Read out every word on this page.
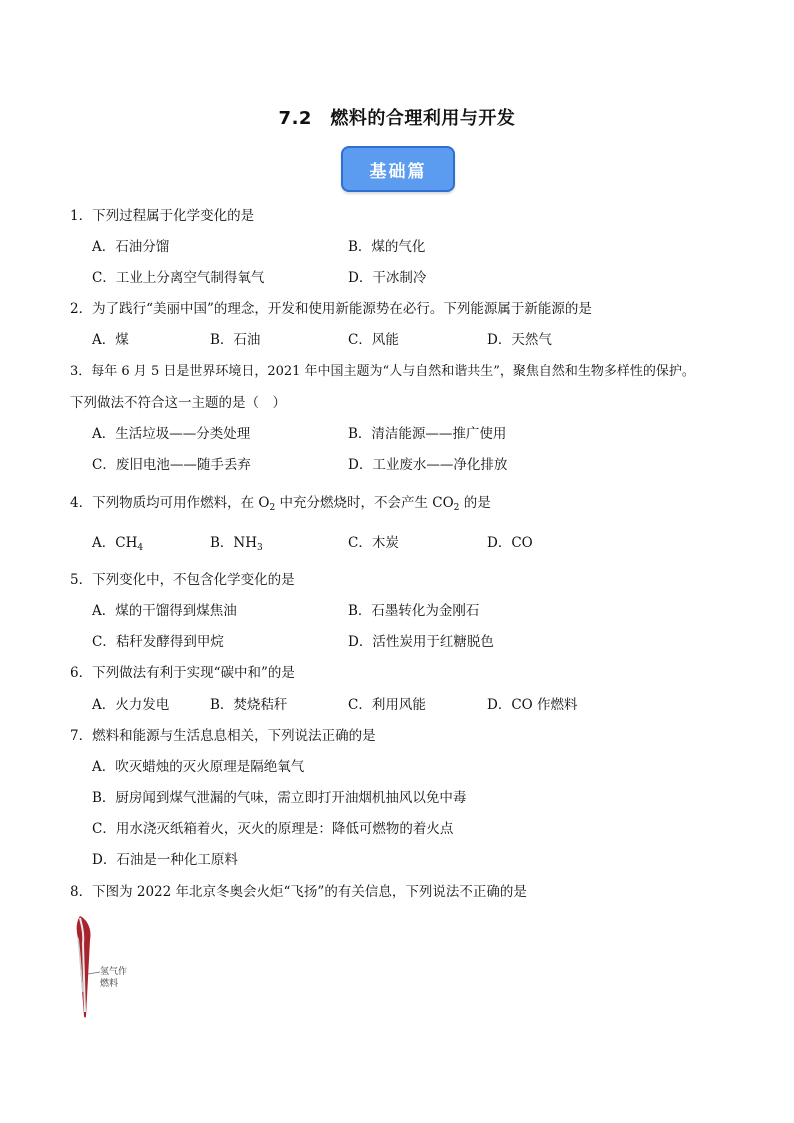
7.2　燃料的合理利用与开发
基础篇
1．下列过程属于化学变化的是
A．石油分馏	B．煤的气化
C．工业上分离空气制得氧气	D．干冰制冷
2．为了践行“美丽中国”的理念，开发和使用新能源势在必行。下列能源属于新能源的是
A．煤	B．石油	C．风能	D．天然气
3．每年 6 月 5 日是世界环境日，2021 年中国主题为“人与自然和谐共生”，聚焦自然和生物多样性的保护。
下列做法不符合这一主题的是（　）
A．生活垃圾——分类处理	B．清洁能源——推广使用
C．废旧电池——随手丢弃	D．工业废水——净化排放
4．下列物质均可用作燃料，在 $O_2$ 中充分燃烧时，不会产生 $CO_2$ 的是
A．$CH_4$	B．$NH_3$	C．木炭	D．CO
5．下列变化中，不包含化学变化的是
A．煤的干馏得到煤焦油	B．石墨转化为金刚石
C．秸秆发酵得到甲烷	D．活性炭用于红糖脱色
6．下列做法有利于实现“碳中和”的是
A．火力发电	B．焚烧秸秆	C．利用风能	D．CO 作燃料
7．燃料和能源与生活息息相关，下列说法正确的是
A．吹灭蜡烛的灭火原理是隔绝氧气
B．厨房闻到煤气泄漏的气味，需立即打开油烟机抽风以免中毒
C．用水浇灭纸箱着火，灭火的原理是：降低可燃物的着火点
D．石油是一种化工原料
8．下图为 2022 年北京冬奥会火炬“飞扬”的有关信息，下列说法不正确的是
氢气作
燃料
